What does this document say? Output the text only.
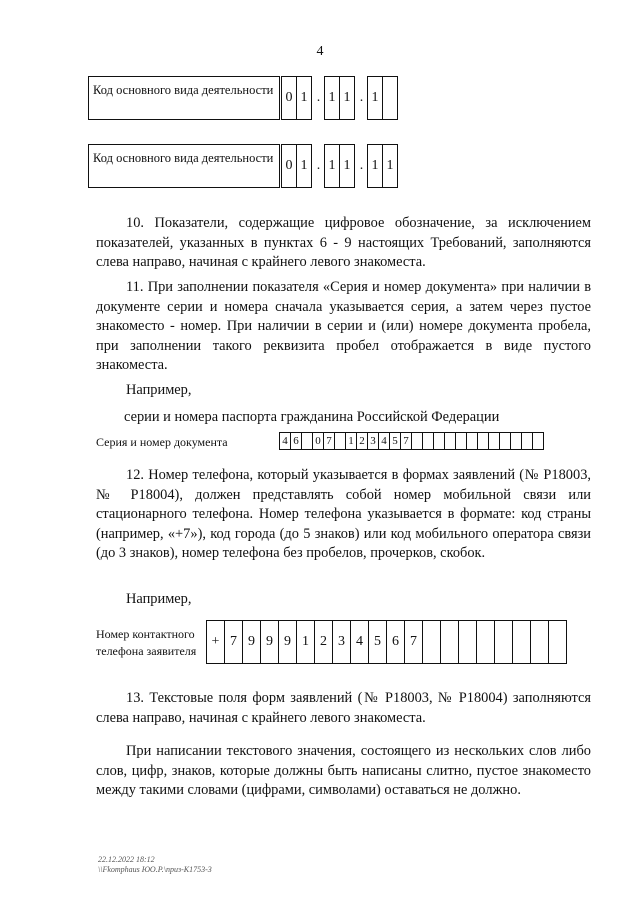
4
Код основного вида деятельности 0 1 . 1 1 . 1
Код основного вида деятельности 0 1 . 1 1 . 1 1
10. Показатели, содержащие цифровое обозначение, за исключением показателей, указанных в пунктах 6 - 9 настоящих Требований, заполняются слева направо, начиная с крайнего левого знакоместа.
11. При заполнении показателя «Серия и номер документа» при наличии в документе серии и номера сначала указывается серия, а затем через пустое знакоместо - номер. При наличии в серии и (или) номере документа пробела, при заполнении такого реквизита пробел отображается в виде пустого знакоместа.
Например,
серии и номера паспорта гражданина Российской Федерации
Серия и номер документа	4 6 0 7 1 2 3 4 5 7
12. Номер телефона, который указывается в формах заявлений (№ Р18003, № Р18004), должен представлять собой номер мобильной связи или стационарного телефона. Номер телефона указывается в формате: код страны (например, «+7»), код города (до 5 знаков) или код мобильного оператора связи (до 3 знаков), номер телефона без пробелов, прочерков, скобок.
Например,
Номер контактного телефона заявителя
+ 7 9 9 9 1 2 3 4 5 6 7
13. Текстовые поля форм заявлений (№ Р18003, № Р18004) заполняются слева направо, начиная с крайнего левого знакоместа.
При написании текстового значения, состоящего из нескольких слов либо слов, цифр, знаков, которые должны быть написаны слитно, пустое знакоместо между такими словами (цифрами, символами) оставаться не должно.
22.12.2022 18:12
\\Fkomphaus ЮО.Р.\приз-К1753-3
